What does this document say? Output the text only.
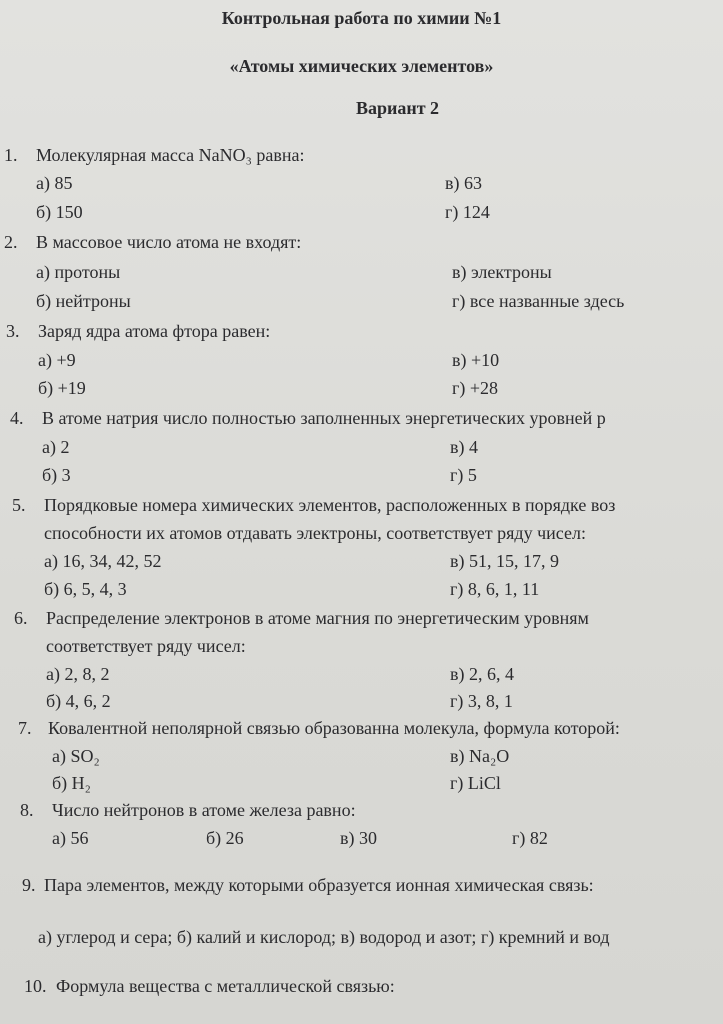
Контрольная работа по химии №1
«Атомы химических элементов»
Вариант 2
1. Молекулярная масса NaNO₃ равна:
а) 85
б) 150
в) 63
г) 124
2. В массовое число атома не входят:
а) протоны
б) нейтроны
в) электроны
г) все названные здесь
3. Заряд ядра атома фтора равен:
а) +9
б) +19
в) +10
г) +28
4. В атоме натрия число полностью заполненных энергетических уровней р
а) 2
б) 3
в) 4
г) 5
5. Порядковые номера химических элементов, расположенных в порядке воз
способности их атомов отдавать электроны, соответствует ряду чисел:
а) 16, 34, 42, 52
б) 6, 5, 4, 3
в) 51, 15, 17, 9
г) 8, 6, 1, 11
6. Распределение электронов в атоме магния по энергетическим уровням
соответствует ряду чисел:
а) 2, 8, 2
б) 4, 6, 2
в) 2, 6, 4
г) 3, 8, 1
7. Ковалентной неполярной связью образованна молекула, формула которой:
а) SO₂
б) H₂
в) Na₂O
г) LiCl
8. Число нейтронов в атоме железа равно:
а) 56	б) 26	в) 30	г) 82
9. Пара элементов, между которыми образуется ионная химическая связь:
а) углерод и сера; б) калий и кислород; в) водород и азот; г) кремний и вод
10. Формула вещества с металлической связью:
